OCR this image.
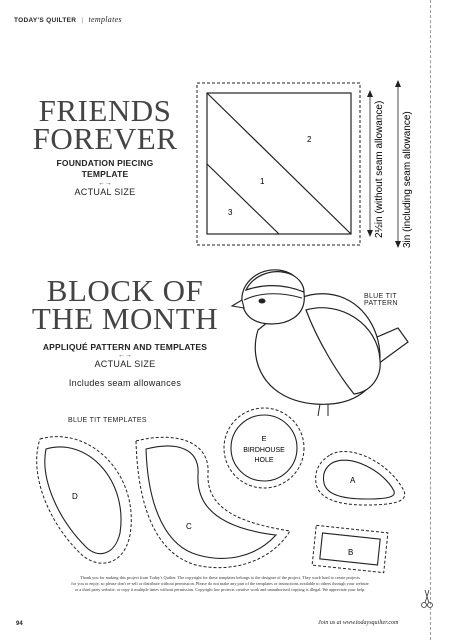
TODAY'S QUILTER | templates
FRIENDS
FOREVER
FOUNDATION PIECING
TEMPLATE
←→
ACTUAL SIZE
2
1
3	2½in (without seam allowance) 3in (including seam allowance)
BLOCK OF
THE MONTH
APPLIQUÉ PATTERN AND TEMPLATES
←→
ACTUAL SIZE
Includes seam allowances
BLUE TIT
PATTERN
BLUE TIT TEMPLATES
D
C
E
BIRDHOUSE
HOLE
A
B
Thank you for making this project from Today's Quilter. The copyright for these templates belongs to the designer of the project. They work hard to create projects
for you to enjoy, so please don't re-sell or distribute without permission. Please do not make any part of the templates or instructions available to others through your website
or a third party website, or copy it multiple times without permission. Copyright law protects creative work and unauthorised copying is illegal. We appreciate your help.
94	Join us at www.todaysquilter.com
